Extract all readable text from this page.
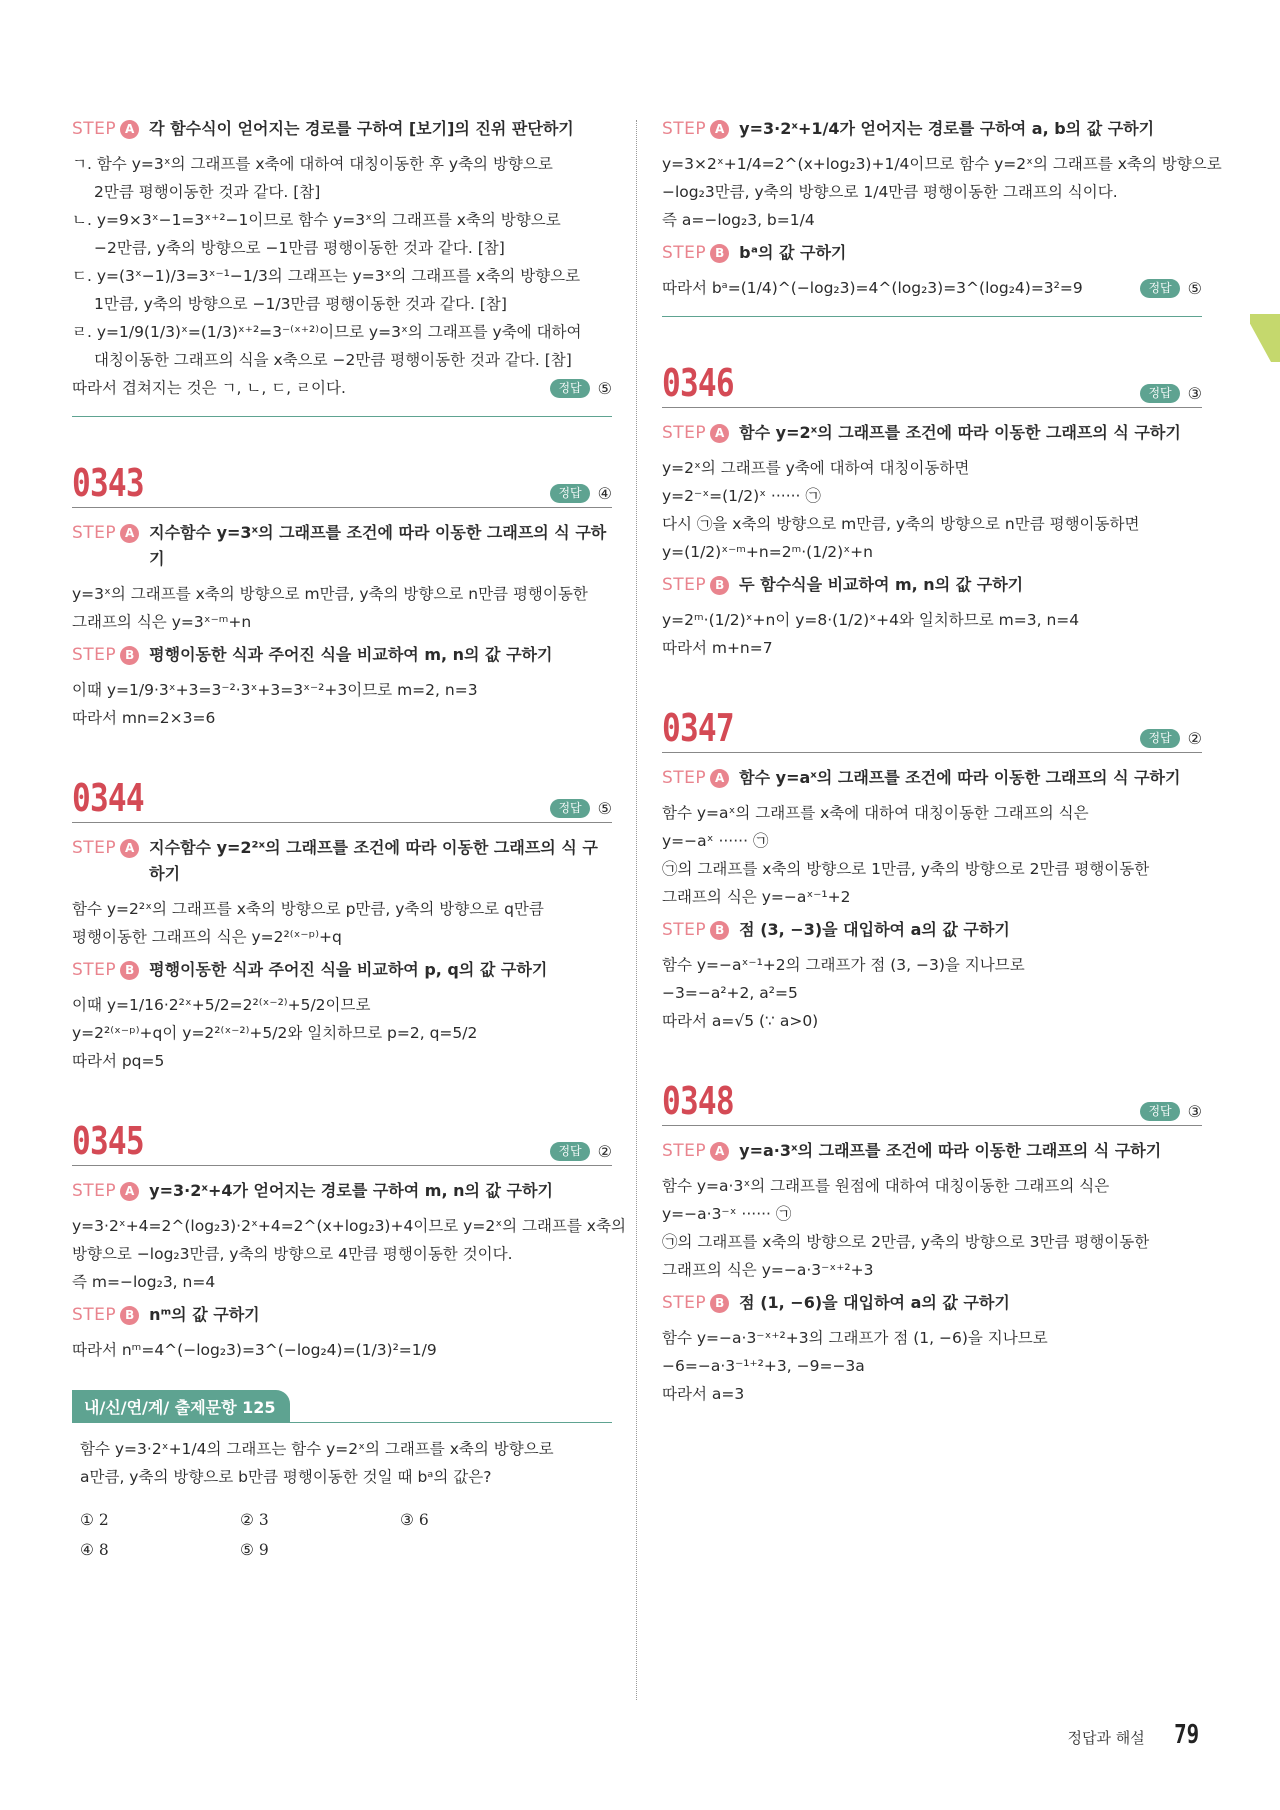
STEP A 각 함수식이 얻어지는 경로를 구하여 [보기]의 진위 판단하기
ㄱ. 함수 y=3ˣ의 그래프를 x축에 대하여 대칭이동한 후 y축의 방향으로
2만큼 평행이동한 것과 같다. [참]
ㄴ. y=9×3ˣ−1=3ˣ⁺²−1이므로 함수 y=3ˣ의 그래프를 x축의 방향으로
−2만큼, y축의 방향으로 −1만큼 평행이동한 것과 같다. [참]
ㄷ. y=(3ˣ−1)/3=3ˣ⁻¹−1/3의 그래프는 y=3ˣ의 그래프를 x축의 방향으로
1만큼, y축의 방향으로 −1/3만큼 평행이동한 것과 같다. [참]
ㄹ. y=1/9(1/3)ˣ=(1/3)ˣ⁺²=3⁻⁽ˣ⁺²⁾이므로 y=3ˣ의 그래프를 y축에 대하여
대칭이동한 그래프의 식을 x축으로 −2만큼 평행이동한 것과 같다. [참]
따라서 겹쳐지는 것은 ㄱ, ㄴ, ㄷ, ㄹ이다.	정답	⑤
0343	정답	④
STEP A 지수함수 y=3ˣ의 그래프를 조건에 따라 이동한 그래프의 식 구하기
y=3ˣ의 그래프를 x축의 방향으로 m만큼, y축의 방향으로 n만큼 평행이동한
그래프의 식은 y=3ˣ⁻ᵐ+n
STEP B 평행이동한 식과 주어진 식을 비교하여 m, n의 값 구하기
이때 y=1/9·3ˣ+3=3⁻²·3ˣ+3=3ˣ⁻²+3이므로 m=2, n=3
따라서 mn=2×3=6
0344	정답	⑤
STEP A 지수함수 y=2²ˣ의 그래프를 조건에 따라 이동한 그래프의 식 구하기
함수 y=2²ˣ의 그래프를 x축의 방향으로 p만큼, y축의 방향으로 q만큼
평행이동한 그래프의 식은 y=2²⁽ˣ⁻ᵖ⁾+q
STEP B 평행이동한 식과 주어진 식을 비교하여 p, q의 값 구하기
이때 y=1/16·2²ˣ+5/2=2²⁽ˣ⁻²⁾+5/2이므로
y=2²⁽ˣ⁻ᵖ⁾+q이 y=2²⁽ˣ⁻²⁾+5/2와 일치하므로 p=2, q=5/2
따라서 pq=5
0345	정답	②
STEP A y=3·2ˣ+4가 얻어지는 경로를 구하여 m, n의 값 구하기
y=3·2ˣ+4=2^(log₂3)·2ˣ+4=2^(x+log₂3)+4이므로 y=2ˣ의 그래프를 x축의
방향으로 −log₂3만큼, y축의 방향으로 4만큼 평행이동한 것이다.
즉 m=−log₂3, n=4
STEP B nᵐ의 값 구하기
따라서 nᵐ=4^(−log₂3)=3^(−log₂4)=(1/3)²=1/9
내/신/연/계/ 출제문항 125
함수 y=3·2ˣ+1/4의 그래프는 함수 y=2ˣ의 그래프를 x축의 방향으로
a만큼, y축의 방향으로 b만큼 평행이동한 것일 때 bᵃ의 값은?
① 2	② 3	③ 6
④ 8	⑤ 9
STEP A y=3·2ˣ+1/4가 얻어지는 경로를 구하여 a, b의 값 구하기
y=3×2ˣ+1/4=2^(x+log₂3)+1/4이므로 함수 y=2ˣ의 그래프를 x축의 방향으로
−log₂3만큼, y축의 방향으로 1/4만큼 평행이동한 그래프의 식이다.
즉 a=−log₂3, b=1/4
STEP B bᵃ의 값 구하기
따라서 bᵃ=(1/4)^(−log₂3)=4^(log₂3)=3^(log₂4)=3²=9	정답	⑤
0346	정답	③
STEP A 함수 y=2ˣ의 그래프를 조건에 따라 이동한 그래프의 식 구하기
y=2ˣ의 그래프를 y축에 대하여 대칭이동하면
y=2⁻ˣ=(1/2)ˣ ······ ㉠
다시 ㉠을 x축의 방향으로 m만큼, y축의 방향으로 n만큼 평행이동하면
y=(1/2)ˣ⁻ᵐ+n=2ᵐ·(1/2)ˣ+n
STEP B 두 함수식을 비교하여 m, n의 값 구하기
y=2ᵐ·(1/2)ˣ+n이 y=8·(1/2)ˣ+4와 일치하므로 m=3, n=4
따라서 m+n=7
0347	정답	②
STEP A 함수 y=aˣ의 그래프를 조건에 따라 이동한 그래프의 식 구하기
함수 y=aˣ의 그래프를 x축에 대하여 대칭이동한 그래프의 식은
y=−aˣ ······ ㉠
㉠의 그래프를 x축의 방향으로 1만큼, y축의 방향으로 2만큼 평행이동한
그래프의 식은 y=−aˣ⁻¹+2
STEP B 점 (3, −3)을 대입하여 a의 값 구하기
함수 y=−aˣ⁻¹+2의 그래프가 점 (3, −3)을 지나므로
−3=−a²+2, a²=5
따라서 a=√5 (∵ a>0)
0348	정답	③
STEP A y=a·3ˣ의 그래프를 조건에 따라 이동한 그래프의 식 구하기
함수 y=a·3ˣ의 그래프를 원점에 대하여 대칭이동한 그래프의 식은
y=−a·3⁻ˣ ······ ㉠
㉠의 그래프를 x축의 방향으로 2만큼, y축의 방향으로 3만큼 평행이동한
그래프의 식은 y=−a·3⁻ˣ⁺²+3
STEP B 점 (1, −6)을 대입하여 a의 값 구하기
함수 y=−a·3⁻ˣ⁺²+3의 그래프가 점 (1, −6)을 지나므로
−6=−a·3⁻¹⁺²+3, −9=−3a
따라서 a=3
정답과 해설 79
